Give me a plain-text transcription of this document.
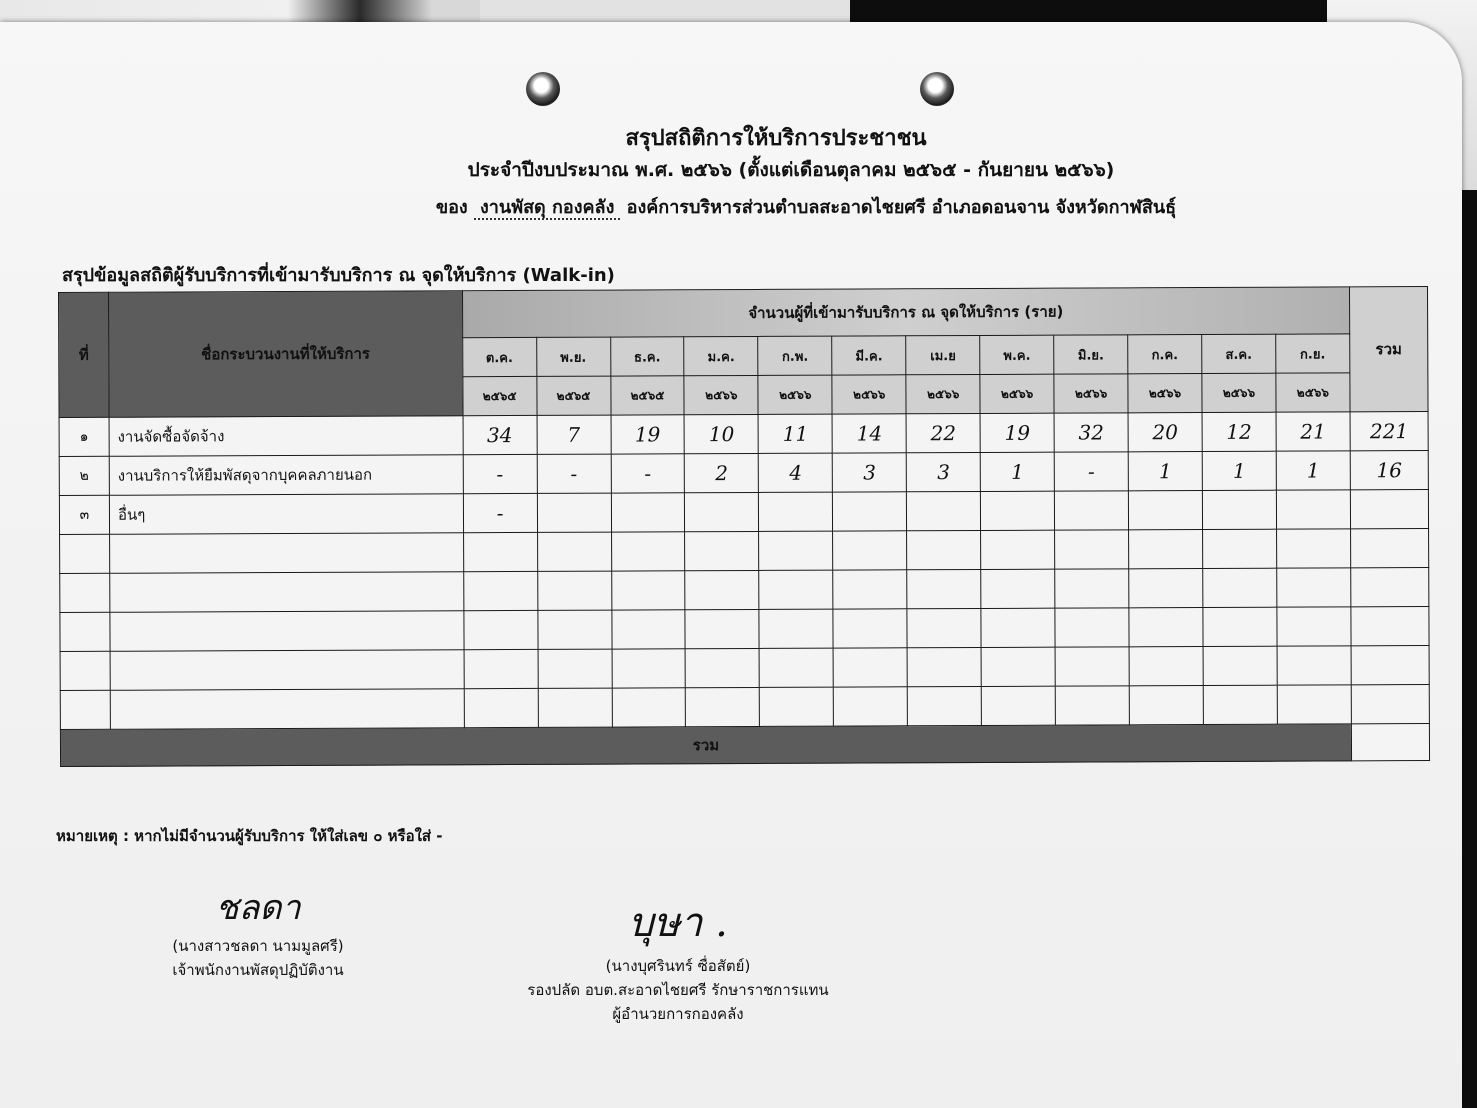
สรุปสถิติการให้บริการประชาชน
ประจำปีงบประมาณ พ.ศ. ๒๕๖๖ (ตั้งแต่เดือนตุลาคม ๒๕๖๕ - กันยายน ๒๕๖๖)
ของ งานพัสดุ กองคลัง องค์การบริหารส่วนตำบลสะอาดไชยศรี อำเภอดอนจาน จังหวัดกาฬสินธุ์
สรุปข้อมูลสถิติผู้รับบริการที่เข้ามารับบริการ ณ จุดให้บริการ (Walk-in)
ที่	ชื่อกระบวนงานที่ให้บริการ	จำนวนผู้ที่เข้ามารับบริการ ณ จุดให้บริการ (ราย)												รวม
		ต.ค.	พ.ย.	ธ.ค.	ม.ค.	ก.พ.	มี.ค.	เม.ย	พ.ค.	มิ.ย.	ก.ค.	ส.ค.	ก.ย.	
		๒๕๖๕	๒๕๖๕	๒๕๖๕	๒๕๖๖	๒๕๖๖	๒๕๖๖	๒๕๖๖	๒๕๖๖	๒๕๖๖	๒๕๖๖	๒๕๖๖	๒๕๖๖	
๑	งานจัดซื้อจัดจ้าง	34	7	19	10	11	14	22	19	32	20	12	21	221
๒	งานบริการให้ยืมพัสดุจากบุคคลภายนอก	-	-	-	2	4	3	3	1	-	1	1	1	16
๓	อื่นๆ	-												

รวม														
หมายเหตุ : หากไม่มีจำนวนผู้รับบริการ ให้ใส่เลข ๐ หรือใส่ -
ชลดา
(นางสาวชลดา นามมูลศรี)
เจ้าพนักงานพัสดุปฏิบัติงาน
บุษา .
(นางบุศรินทร์ ซื่อสัตย์)
รองปลัด อบต.สะอาดไชยศรี รักษาราชการแทน
ผู้อำนวยการกองคลัง
